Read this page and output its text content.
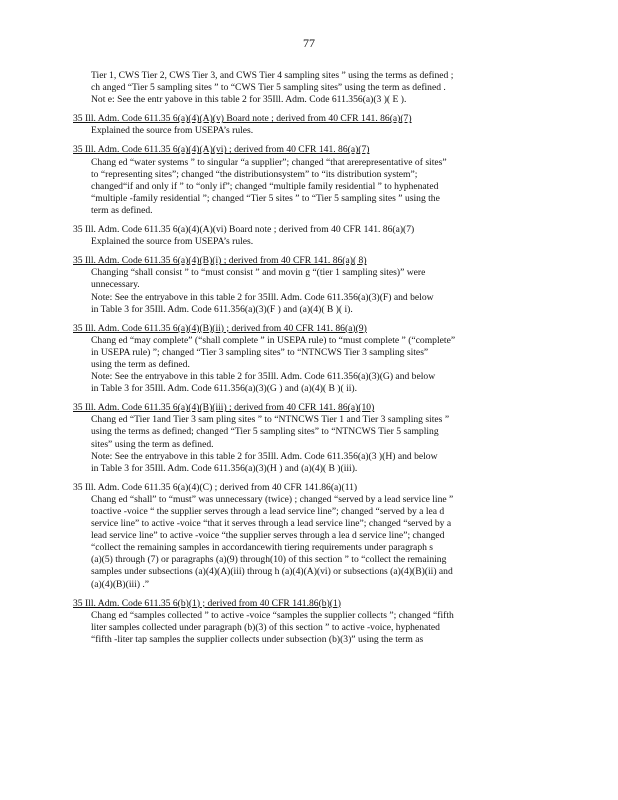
77
Tier 1, CWS Tier 2, CWS Tier 3, and CWS Tier 4 sampling sites ” using the terms as defined ;
ch anged “Tier 5 sampling sites ” to “CWS Tier 5 sampling sites” using the term as defined .
Not e: See the entr yabove in this table 2 for 35Ill. Adm. Code 611.356(a)(3 )( E ).
35 Ill. Adm. Code 611.35 6(a)(4)(A)(v) Board note ; derived from 40 CFR 141. 86(a)(7)

Explained the source from USEPA’s rules.

35 Ill. Adm. Code 611.35 6(a)(4)(A)(vi) ; derived from 40 CFR 141. 86(a)(7)

Chang ed “water systems ” to singular “a supplier”; changed “that arerepresentative of sites”

to “representing sites”; changed “the distributionsystem” to “its distribution system”;

changed“if and only if ” to “only if”; changed “multiple family residential ” to hyphenated

“multiple -family residential ”; changed “Tier 5 sites ” to “Tier 5 sampling sites ” using the

term as defined.

35 Ill. Adm. Code 611.35 6(a)(4)(A)(vi) Board note ; derived from 40 CFR 141. 86(a)(7)

Explained the source from USEPA’s rules.

35 Ill. Adm. Code 611.35 6(a)(4)(B)(i) ; derived from 40 CFR 141. 86(a)( 8)

Changing “shall consist ” to “must consist ” and movin g “(tier 1 sampling sites)” were

unnecessary.

Note: See the entryabove in this table 2 for 35Ill. Adm. Code 611.356(a)(3)(F) and below

in Table 3 for 35Ill. Adm. Code 611.356(a)(3)(F ) and (a)(4)( B )( i).

35 Ill. Adm. Code 611.35 6(a)(4)(B)(ii) ; derived from 40 CFR 141. 86(a)(9)

Chang ed “may complete” (“shall complete ” in USEPA rule) to “must complete ” (“complete”

in USEPA rule) ”; changed “Tier 3 sampling sites” to “NTNCWS Tier 3 sampling sites”

using the term as defined.

Note: See the entryabove in this table 2 for 35Ill. Adm. Code 611.356(a)(3)(G) and below

in Table 3 for 35Ill. Adm. Code 611.356(a)(3)(G ) and (a)(4)( B )( ii).

35 Ill. Adm. Code 611.35 6(a)(4)(B)(iii) ; derived from 40 CFR 141. 86(a)(10)

Chang ed “Tier 1and Tier 3 sam pling sites ” to “NTNCWS Tier 1 and Tier 3 sampling sites ”

using the terms as defined; changed “Tier 5 sampling sites” to “NTNCWS Tier 5 sampling

sites” using the term as defined.

Note: See the entryabove in this table 2 for 35Ill. Adm. Code 611.356(a)(3 )(H) and below

in Table 3 for 35Ill. Adm. Code 611.356(a)(3)(H ) and (a)(4)( B )(iii).

35 Ill. Adm. Code 611.35 6(a)(4)(C) ; derived from 40 CFR 141.86(a)(11)

Chang ed “shall” to “must” was unnecessary (twice) ; changed “served by a lead service line ”

toactive -voice “ the supplier serves through a lead service line”; changed “served by a lea d

service line” to active -voice “that it serves through a lead service line”; changed “served by a

lead service line” to active -voice “the supplier serves through a lea d service line”; changed

“collect the remaining samples in accordancewith tiering requirements under paragraph s

(a)(5) through (7) or paragraphs (a)(9) through(10) of this section ” to “collect the remaining

samples under subsections (a)(4)(A)(iii) throug h (a)(4)(A)(vi) or subsections (a)(4)(B)(ii) and

(a)(4)(B)(iii) .”

35 Ill. Adm. Code 611.35 6(b)(1) ; derived from 40 CFR 141.86(b)(1)

Chang ed “samples collected ” to active -voice “samples the supplier collects ”; changed “fifth

liter samples collected under paragraph (b)(3) of this section ” to active -voice, hyphenated

“fifth -liter tap samples the supplier collects under subsection (b)(3)” using the term as
